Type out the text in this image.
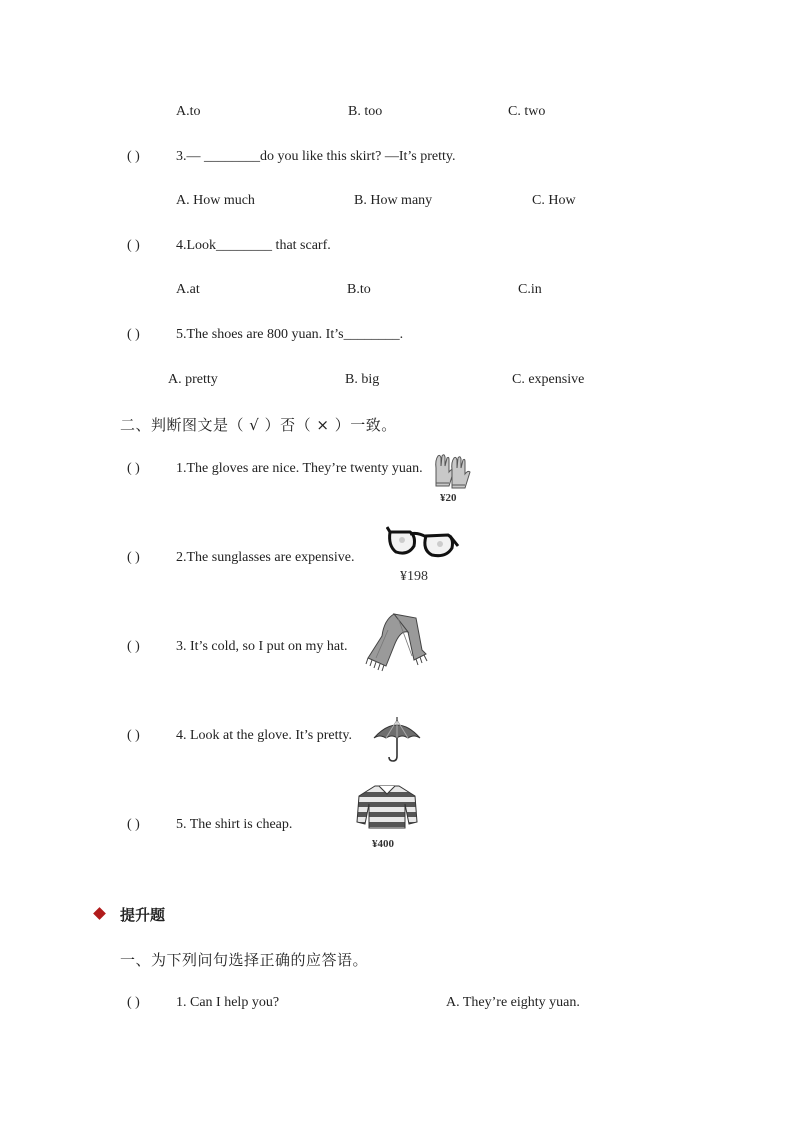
A.to	B. too	C. two
( )	3.— ________do you like this skirt? —It’s pretty.
A. How much	B. How many	C. How
( )	4.Look________ that scarf.
A.at	B.to	C.in
( )	5.The shoes are 800 yuan. It’s________.
A. pretty	B. big	C. expensive
二、判断图文是（ √ ）否（ × ）一致。
( )	1.The gloves are nice. They’re twenty yuan.
¥20
( )	2.The sunglasses are expensive.
¥198
( )	3. It’s cold, so I put on my hat.
( )	4. Look at the glove. It’s pretty.
( )	5. The shirt is cheap.
¥400
提升题
一、为下列问句选择正确的应答语。
( )	1. Can I help you?	A. They’re eighty yuan.
